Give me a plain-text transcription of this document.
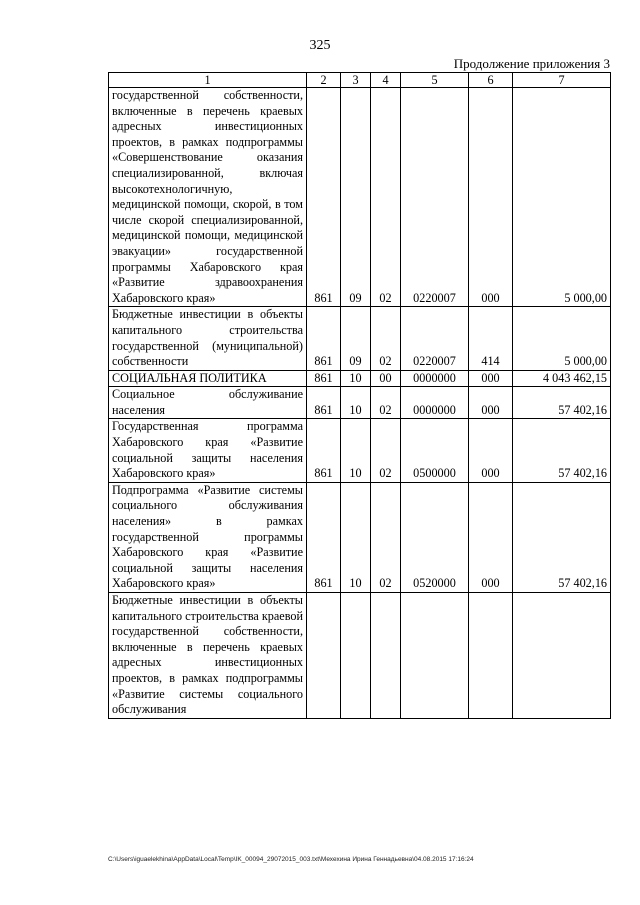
325
Продолжение приложения 3
1	2	3	4	5	6	7
государственной собственности, включенные в перечень краевых адресных инвестиционных проектов, в рамках подпрограммы «Совершенствование оказания специализированной, включая высокотехнологичную, медицинской помощи, скорой, в том числе скорой специализированной, медицинской помощи, медицинской эвакуации» государственной программы Хабаровского края «Развитие здравоохранения Хабаровского края»	861	09	02	0220007	000	5 000,00
Бюджетные инвестиции в объекты капитального строительства государственной (муниципальной) собственности	861	09	02	0220007	414	5 000,00
СОЦИАЛЬНАЯ ПОЛИТИКА	861	10	00	0000000	000	4 043 462,15
Социальное обслуживание населения	861	10	02	0000000	000	57 402,16
Государственная программа Хабаровского края «Развитие социальной защиты населения Хабаровского края»	861	10	02	0500000	000	57 402,16
Подпрограмма «Развитие системы социального обслуживания населения» в рамках государственной программы Хабаровского края «Развитие социальной защиты населения Хабаровского края»	861	10	02	0520000	000	57 402,16
Бюджетные инвестиции в объекты капитального строительства краевой государственной собственности, включенные в перечень краевых адресных инвестиционных проектов, в рамках подпрограммы «Развитие системы социального обслуживания						
C:\Users\iguaelekhina\AppData\Local\Temp\IK_00094_29072015_003.txt\Мехехина Ирина Геннадьевна\04.08.2015 17:16:24
